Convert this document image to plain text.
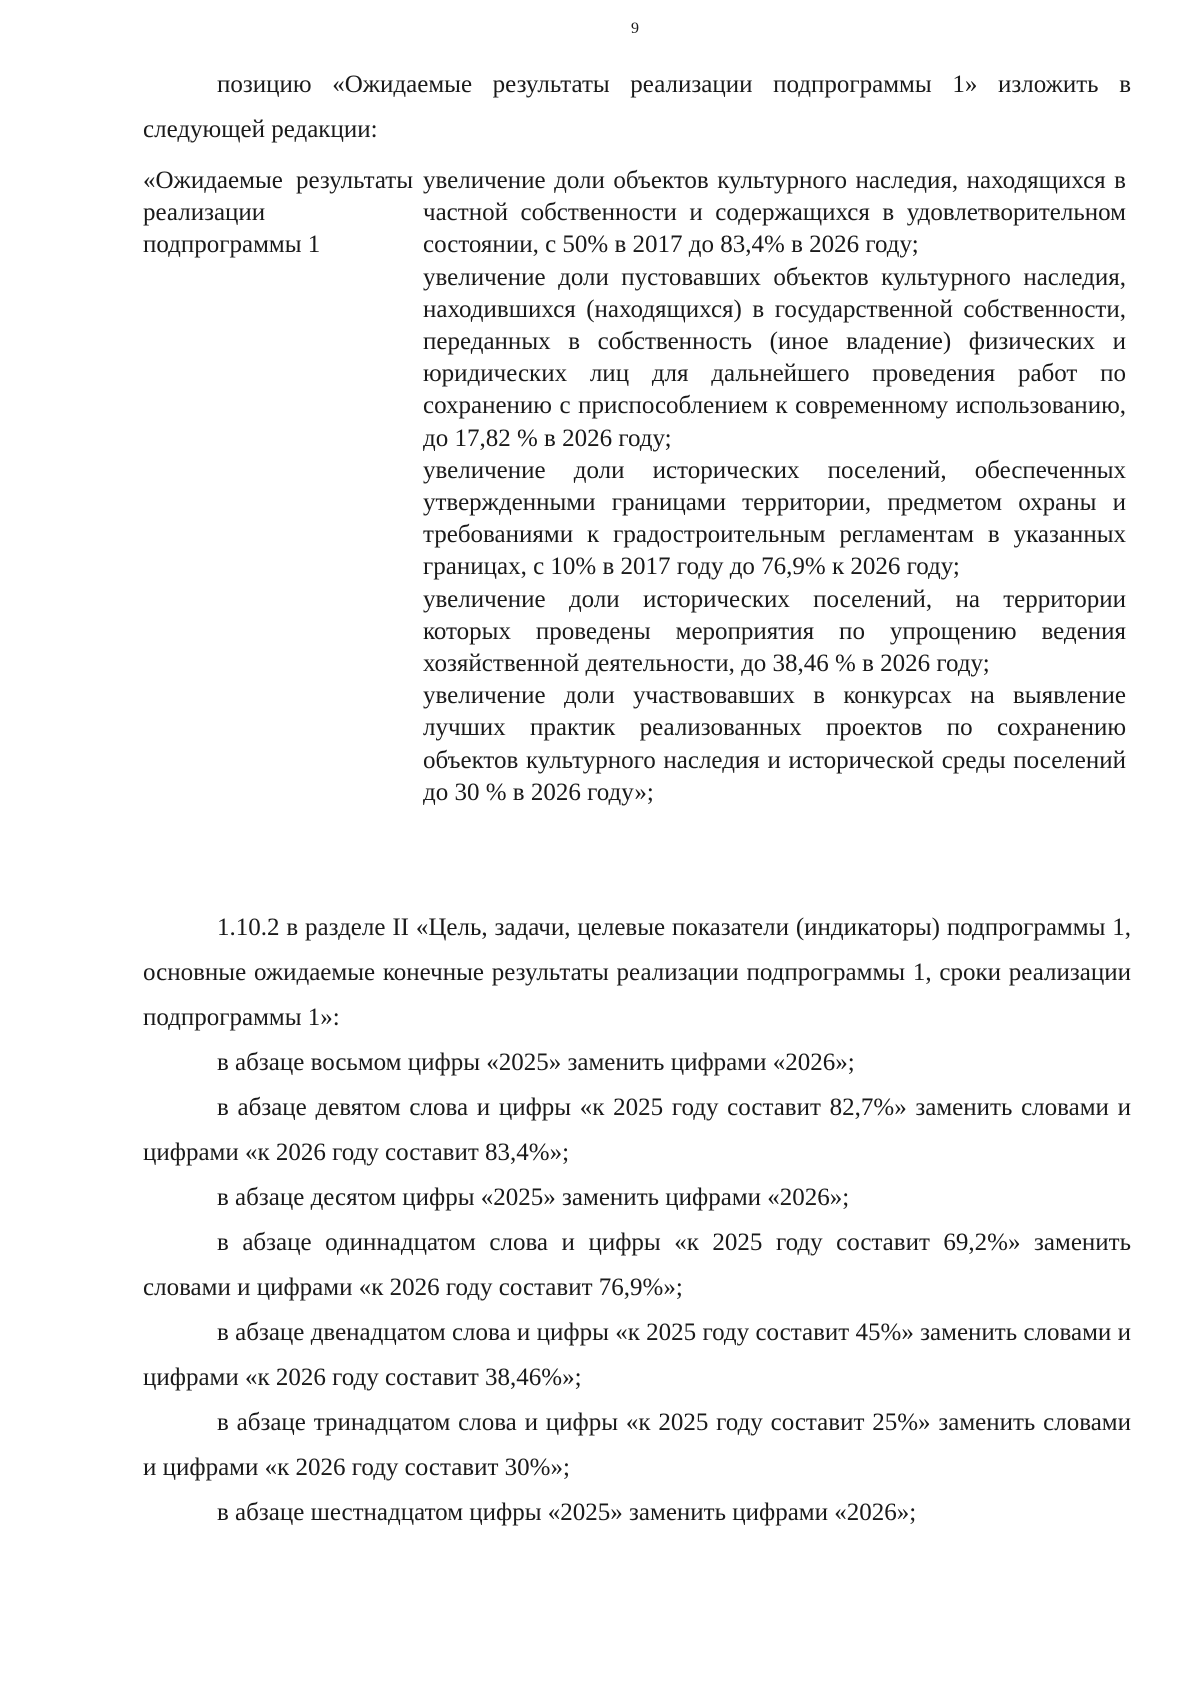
9

позицию «Ожидаемые результаты реализации подпрограммы 1» изложить в следующей редакции:

«Ожидаемые результаты реализации подпрограммы 1

увеличение доли объектов культурного наследия, находящихся в частной собственности и содержащихся в удовлетворительном состоянии, с 50% в 2017 до 83,4% в 2026 году;

увеличение доли пустовавших объектов культурного наследия, находившихся (находящихся) в государственной собственности, переданных в собственность (иное владение) физических и юридических лиц для дальнейшего проведения работ по сохранению с приспособлением к современному использованию, до 17,82 % в 2026 году;

увеличение доли исторических поселений, обеспеченных утвержденными границами территории, предметом охраны и требованиями к градостроительным регламентам в указанных границах, с 10% в 2017 году до 76,9% к 2026 году;

увеличение доли исторических поселений, на территории которых проведены мероприятия по упрощению ведения хозяйственной деятельности, до 38,46 % в 2026 году;

увеличение доли участвовавших в конкурсах на выявление лучших практик реализованных проектов по сохранению объектов культурного наследия и исторической среды поселений до 30 % в 2026 году»;

1.10.2 в разделе II «Цель, задачи, целевые показатели (индикаторы) подпрограммы 1, основные ожидаемые конечные результаты реализации подпрограммы 1, сроки реализации подпрограммы 1»:

в абзаце восьмом цифры «2025» заменить цифрами «2026»;

в абзаце девятом слова и цифры «к 2025 году составит 82,7%» заменить словами и цифрами «к 2026 году составит 83,4%»;

в абзаце десятом цифры «2025» заменить цифрами «2026»;

в абзаце одиннадцатом слова и цифры «к 2025 году составит 69,2%» заменить словами и цифрами «к 2026 году составит 76,9%»;

в абзаце двенадцатом слова и цифры «к 2025 году составит 45%» заменить словами и цифрами «к 2026 году составит 38,46%»;

в абзаце тринадцатом слова и цифры «к 2025 году составит 25%» заменить словами и цифрами «к 2026 году составит 30%»;

в абзаце шестнадцатом цифры «2025» заменить цифрами «2026»;
